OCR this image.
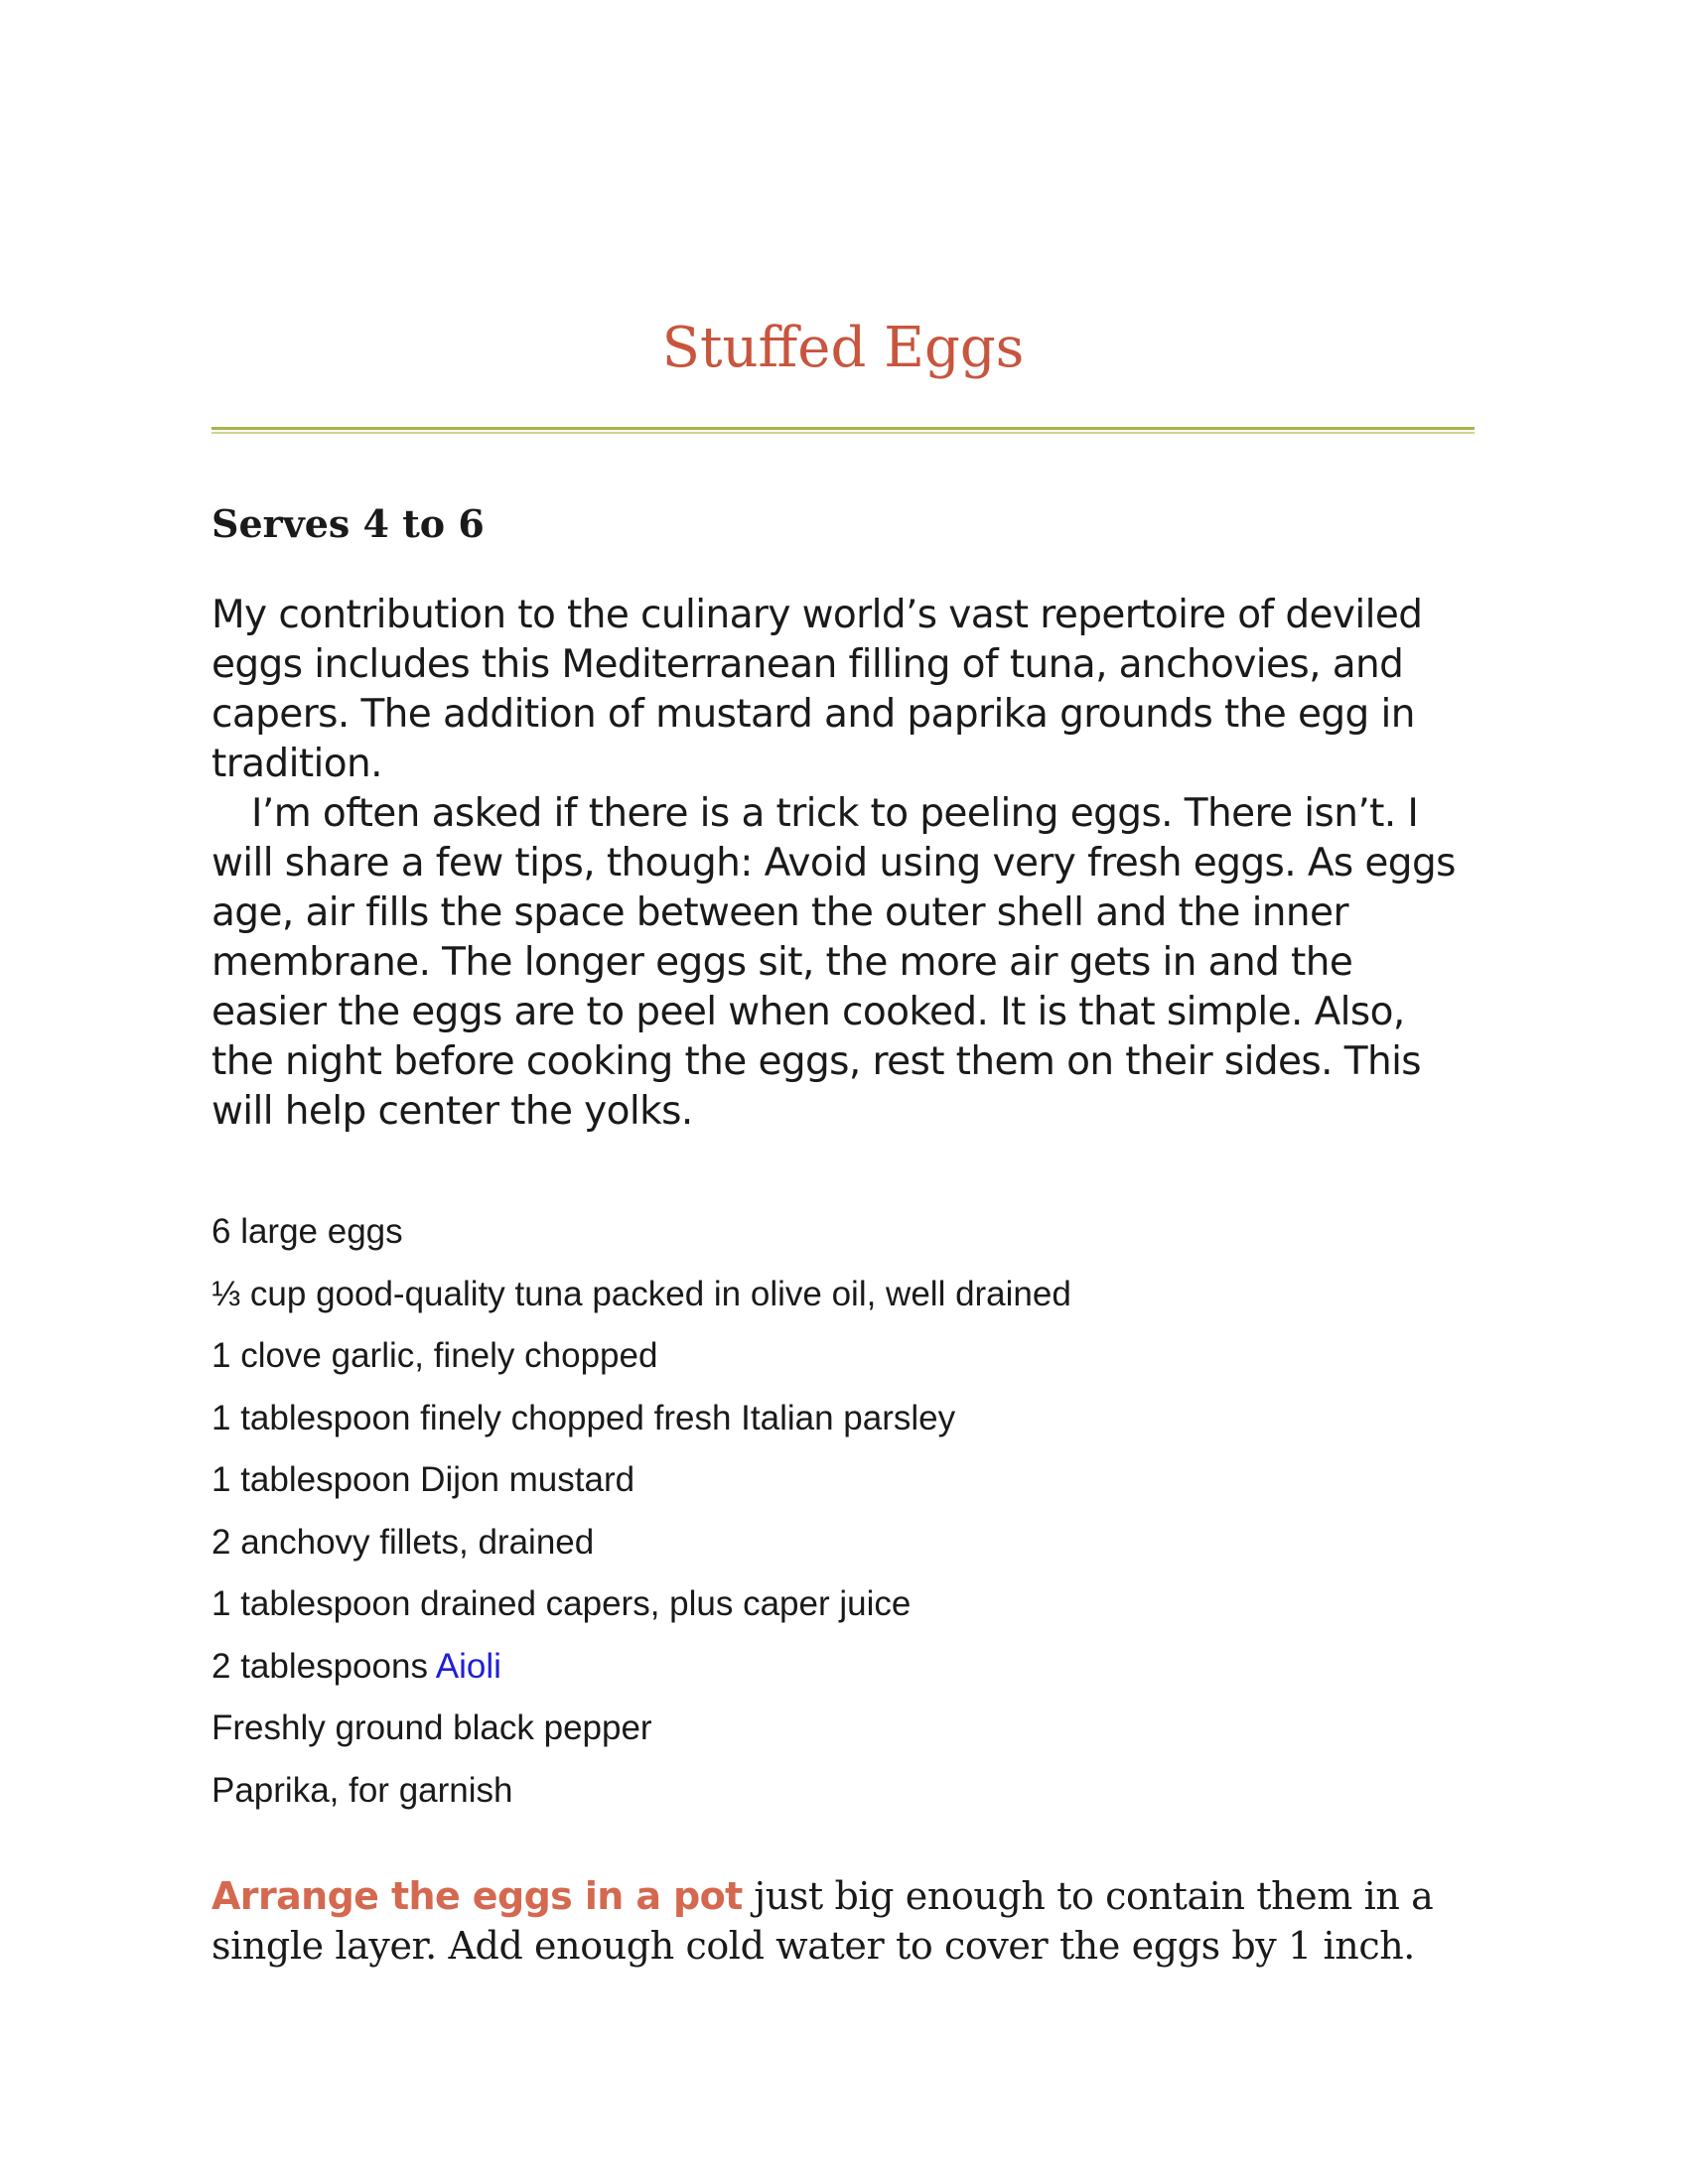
Stuffed Eggs
Serves 4 to 6

My contribution to the culinary world’s vast repertoire of deviled eggs includes this Mediterranean filling of tuna, anchovies, and capers. The addition of mustard and paprika grounds the egg in tradition.

I’m often asked if there is a trick to peeling eggs. There isn’t. I will share a few tips, though: Avoid using very fresh eggs. As eggs age, air fills the space between the outer shell and the inner membrane. The longer eggs sit, the more air gets in and the easier the eggs are to peel when cooked. It is that simple. Also, the night before cooking the eggs, rest them on their sides. This will help center the yolks.

6 large eggs
⅓ cup good-quality tuna packed in olive oil, well drained
1 clove garlic, finely chopped
1 tablespoon finely chopped fresh Italian parsley
1 tablespoon Dijon mustard
2 anchovy fillets, drained
1 tablespoon drained capers, plus caper juice
2 tablespoons Aioli
Freshly ground black pepper
Paprika, for garnish

Arrange the eggs in a pot just big enough to contain them in a single layer. Add enough cold water to cover the eggs by 1 inch.
